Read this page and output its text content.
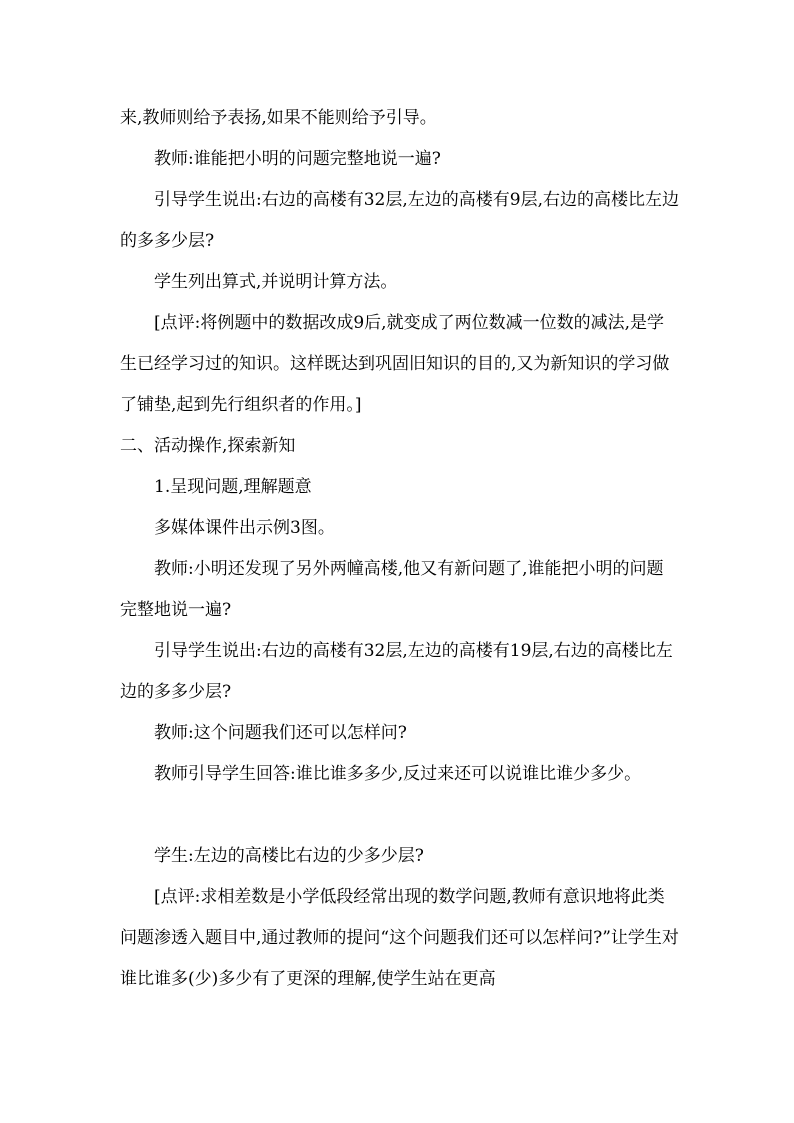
来,教师则给予表扬,如果不能则给予引导。

教师:谁能把小明的问题完整地说一遍?

引导学生说出:右边的高楼有32层,左边的高楼有9层,右边的高楼比左边的多多少层?

学生列出算式,并说明计算方法。

[点评:将例题中的数据改成9后,就变成了两位数减一位数的减法,是学生已经学习过的知识。这样既达到巩固旧知识的目的,又为新知识的学习做了铺垫,起到先行组织者的作用。]

二、活动操作,探索新知

1.呈现问题,理解题意

多媒体课件出示例3图。

教师:小明还发现了另外两幢高楼,他又有新问题了,谁能把小明的问题完整地说一遍?

引导学生说出:右边的高楼有32层,左边的高楼有19层,右边的高楼比左边的多多少层?

教师:这个问题我们还可以怎样问?

教师引导学生回答:谁比谁多多少,反过来还可以说谁比谁少多少。

学生:左边的高楼比右边的少多少层?

[点评:求相差数是小学低段经常出现的数学问题,教师有意识地将此类问题渗透入题目中,通过教师的提问“这个问题我们还可以怎样问?”让学生对谁比谁多(少)多少有了更深的理解,使学生站在更高
